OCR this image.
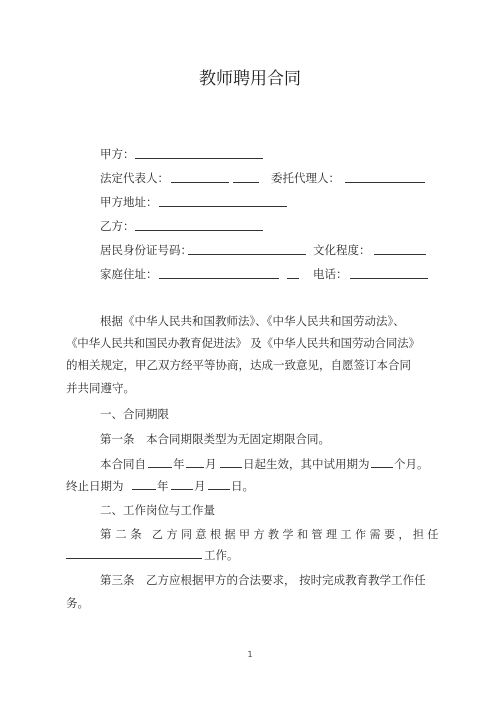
教师聘用合同
甲方：
法定代表人：	委托代理人：
甲方地址：
乙方：
居民身份证号码：	文化程度：
家庭住址：	电话：
根据《中华人民共和国教师法》、《中华人民共和国劳动法》、
《中华人民共和国民办教育促进法》 及《中华人民共和国劳动合同法》
的相关规定，甲乙双方经平等协商，达成一致意见，自愿签订本合同
并共同遵守。
一、合同期限
第一条 本合同期限类型为无固定期限合同。
本合同自 年 月 日起生效，其中试用期为 个月。
终止日期为	年 月 日。
二、工作岗位与工作量
第 二 条 乙 方 同 意 根 据 甲 方 教 学 和 管 理 工 作 需 要 ， 担 任
工作。
第三条 乙方应根据甲方的合法要求， 按时完成教育教学工作任
务。
1
